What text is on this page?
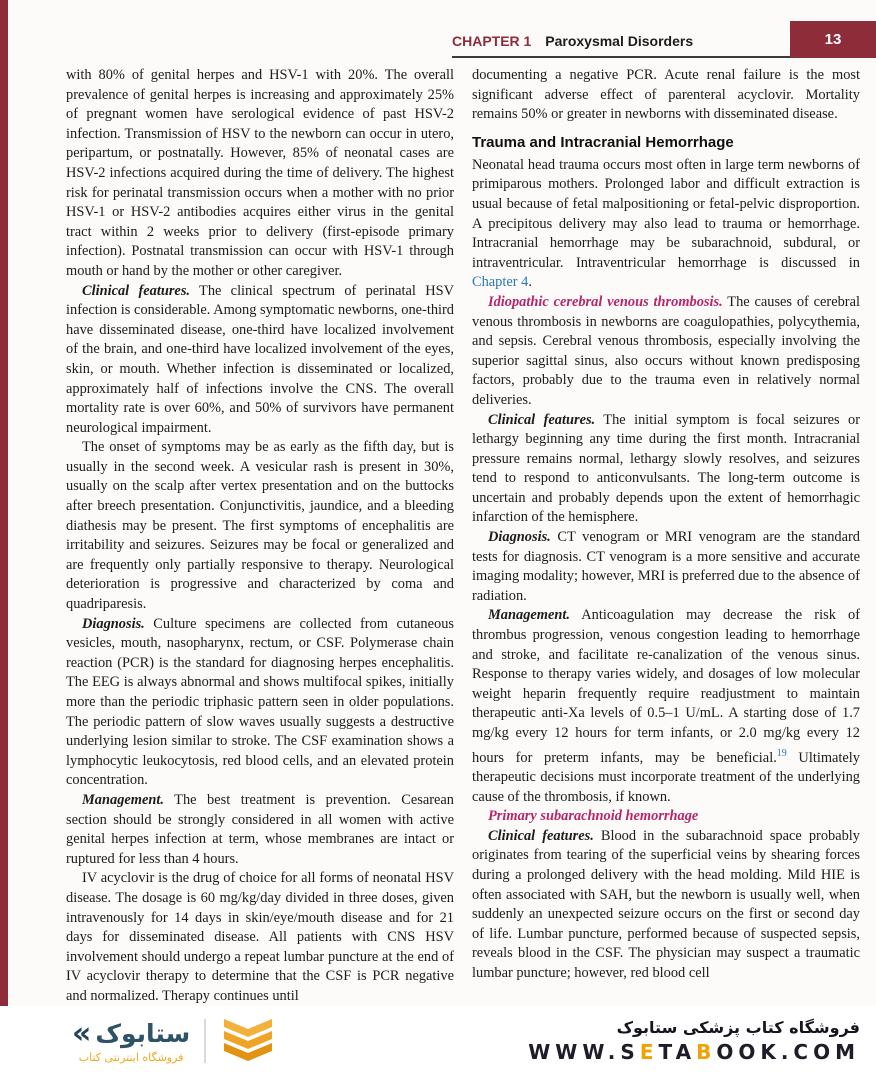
CHAPTER 1 Paroxysmal Disorders	13

with 80% of genital herpes and HSV-1 with 20%. The overall prevalence of genital herpes is increasing and approximately 25% of pregnant women have serological evidence of past HSV-2 infection. Transmission of HSV to the newborn can occur in utero, peripartum, or postnatally. However, 85% of neonatal cases are HSV-2 infections acquired during the time of delivery. The highest risk for perinatal transmission occurs when a mother with no prior HSV-1 or HSV-2 antibodies acquires either virus in the genital tract within 2 weeks prior to delivery (first-episode primary infection). Postnatal transmission can occur with HSV-1 through mouth or hand by the mother or other caregiver.

Clinical features. The clinical spectrum of perinatal HSV infection is considerable. Among symptomatic newborns, one-third have disseminated disease, one-third have localized involvement of the brain, and one-third have localized involvement of the eyes, skin, or mouth. Whether infection is disseminated or localized, approximately half of infections involve the CNS. The overall mortality rate is over 60%, and 50% of survivors have permanent neurological impairment.

The onset of symptoms may be as early as the fifth day, but is usually in the second week. A vesicular rash is present in 30%, usually on the scalp after vertex presentation and on the buttocks after breech presentation. Conjunctivitis, jaundice, and a bleeding diathesis may be present. The first symptoms of encephalitis are irritability and seizures. Seizures may be focal or generalized and are frequently only partially responsive to therapy. Neurological deterioration is progressive and characterized by coma and quadriparesis.

Diagnosis. Culture specimens are collected from cutaneous vesicles, mouth, nasopharynx, rectum, or CSF. Polymerase chain reaction (PCR) is the standard for diagnosing herpes encephalitis. The EEG is always abnormal and shows multifocal spikes, initially more than the periodic triphasic pattern seen in older populations. The periodic pattern of slow waves usually suggests a destructive underlying lesion similar to stroke. The CSF examination shows a lymphocytic leukocytosis, red blood cells, and an elevated protein concentration.

Management. The best treatment is prevention. Cesarean section should be strongly considered in all women with active genital herpes infection at term, whose membranes are intact or ruptured for less than 4 hours.

IV acyclovir is the drug of choice for all forms of neonatal HSV disease. The dosage is 60 mg/kg/day divided in three doses, given intravenously for 14 days in skin/eye/mouth disease and for 21 days for disseminated disease. All patients with CNS HSV involvement should undergo a repeat lumbar puncture at the end of IV acyclovir therapy to determine that the CSF is PCR negative and normalized. Therapy continues until

documenting a negative PCR. Acute renal failure is the most significant adverse effect of parenteral acyclovir. Mortality remains 50% or greater in newborns with disseminated disease.

Trauma and Intracranial Hemorrhage

Neonatal head trauma occurs most often in large term newborns of primiparous mothers. Prolonged labor and difficult extraction is usual because of fetal malpositioning or fetal-pelvic disproportion. A precipitous delivery may also lead to trauma or hemorrhage. Intracranial hemorrhage may be subarachnoid, subdural, or intraventricular. Intraventricular hemorrhage is discussed in Chapter 4.

Idiopathic cerebral venous thrombosis. The causes of cerebral venous thrombosis in newborns are coagulopathies, polycythemia, and sepsis. Cerebral venous thrombosis, especially involving the superior sagittal sinus, also occurs without known predisposing factors, probably due to the trauma even in relatively normal deliveries.

Clinical features. The initial symptom is focal seizures or lethargy beginning any time during the first month. Intracranial pressure remains normal, lethargy slowly resolves, and seizures tend to respond to anticonvulsants. The long-term outcome is uncertain and probably depends upon the extent of hemorrhagic infarction of the hemisphere.

Diagnosis. CT venogram or MRI venogram are the standard tests for diagnosis. CT venogram is a more sensitive and accurate imaging modality; however, MRI is preferred due to the absence of radiation.

Management. Anticoagulation may decrease the risk of thrombus progression, venous congestion leading to hemorrhage and stroke, and facilitate re-canalization of the venous sinus. Response to therapy varies widely, and dosages of low molecular weight heparin frequently require readjustment to maintain therapeutic anti-Xa levels of 0.5–1 U/mL. A starting dose of 1.7 mg/kg every 12 hours for term infants, or 2.0 mg/kg every 12 hours for preterm infants, may be beneficial.$^{19}$ Ultimately therapeutic decisions must incorporate treatment of the underlying cause of the thrombosis, if known.

Primary subarachnoid hemorrhage

Clinical features. Blood in the subarachnoid space probably originates from tearing of the superficial veins by shearing forces during a prolonged delivery with the head molding. Mild HIE is often associated with SAH, but the newborn is usually well, when suddenly an unexpected seizure occurs on the first or second day of life. Lumbar puncture, performed because of suspected sepsis, reveals blood in the CSF. The physician may suspect a traumatic lumbar puncture; however, red blood cell

« ستابوک
فروشگاه اینترنتی کتاب
فروشگاه کتاب پزشکی ستابوک
WWW.SETABOOK.COM
